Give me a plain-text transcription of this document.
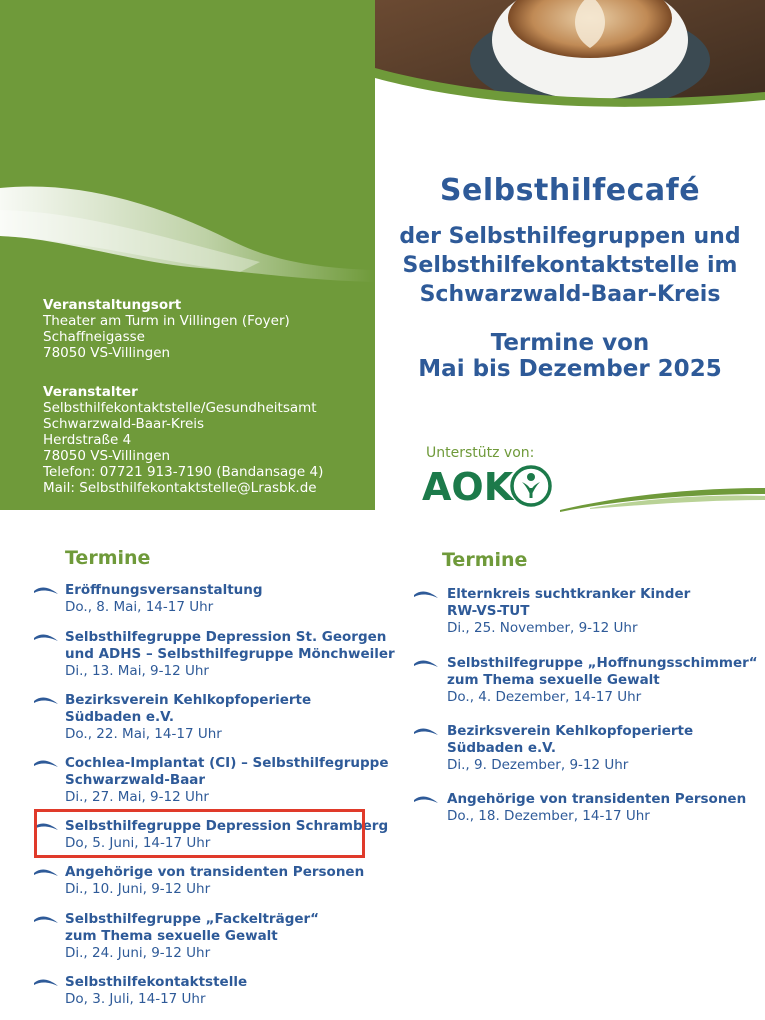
Veranstaltungsort
Theater am Turm in Villingen (Foyer)
Schaffneigasse
78050 VS-Villingen
Veranstalter
Selbsthilfekontaktstelle/Gesundheitsamt
Schwarzwald-Baar-Kreis
Herdstraße 4
78050 VS-Villingen
Telefon: 07721 913-7190 (Bandansage 4)
Mail: Selbsthilfekontaktstelle@Lrasbk.de
Selbsthilfecafé
der Selbsthilfegruppen und
Selbsthilfekontaktstelle im
Schwarzwald-Baar-Kreis
Termine von
Mai bis Dezember 2025
Unterstütz von:
AOK
Termine	Termine
Eröffnungsversanstaltung
Do., 8. Mai, 14-17 Uhr
Selbsthilfegruppe Depression St. Georgen
und ADHS – Selbsthilfegruppe Mönchweiler
Di., 13. Mai, 9-12 Uhr
Bezirksverein Kehlkopfoperierte
Südbaden e.V.
Do., 22. Mai, 14-17 Uhr
Cochlea-Implantat (CI) – Selbsthilfegruppe
Schwarzwald-Baar
Di., 27. Mai, 9-12 Uhr
Selbsthilfegruppe Depression Schramberg
Do, 5. Juni, 14-17 Uhr
Angehörige von transidenten Personen
Di., 10. Juni, 9-12 Uhr
Selbsthilfegruppe „Fackelträger“
zum Thema sexuelle Gewalt
Di., 24. Juni, 9-12 Uhr
Selbsthilfekontaktstelle
Do, 3. Juli, 14-17 Uhr
Elternkreis suchtkranker Kinder
RW-VS-TUT
Di., 25. November, 9-12 Uhr
Selbsthilfegruppe „Hoffnungsschimmer“
zum Thema sexuelle Gewalt
Do., 4. Dezember, 14-17 Uhr
Bezirksverein Kehlkopfoperierte
Südbaden e.V.
Di., 9. Dezember, 9-12 Uhr
Angehörige von transidenten Personen
Do., 18. Dezember, 14-17 Uhr
